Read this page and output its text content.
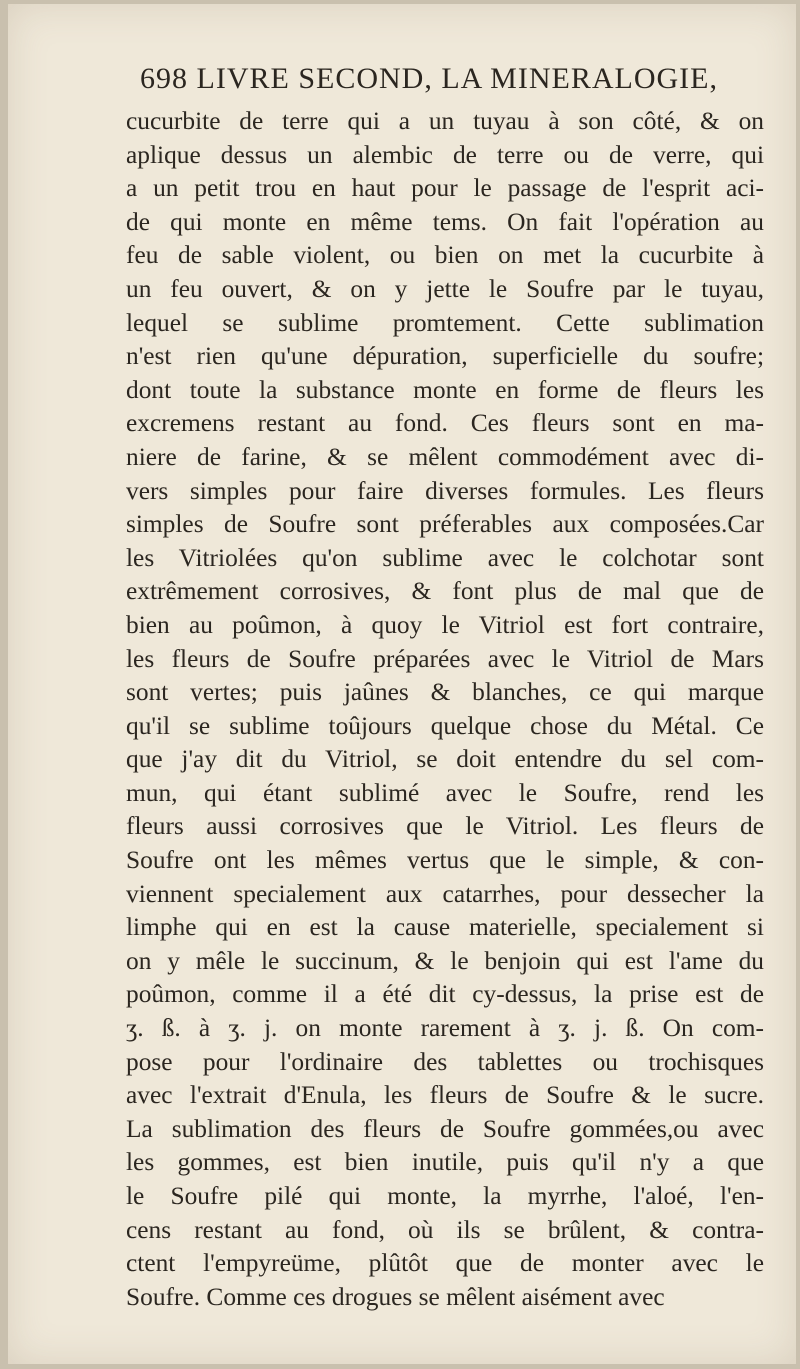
698 LIVRE SECOND, LA MINERALOGIE,
cucurbite de terre qui a un tuyau à son côté, & on
aplique dessus un alembic de terre ou de verre, qui
a un petit trou en haut pour le passage de l'esprit aci-
de qui monte en même tems. On fait l'opération au
feu de sable violent, ou bien on met la cucurbite à
un feu ouvert, & on y jette le Soufre par le tuyau,
lequel se sublime promtement. Cette sublimation
n'est rien qu'une dépuration, superficielle du soufre;
dont toute la substance monte en forme de fleurs les
excremens restant au fond. Ces fleurs sont en ma-
niere de farine, & se mêlent commodément avec di-
vers simples pour faire diverses formules. Les fleurs
simples de Soufre sont préferables aux composées.Car
les Vitriolées qu'on sublime avec le colchotar sont
extrêmement corrosives, & font plus de mal que de
bien au poûmon, à quoy le Vitriol est fort contraire,
les fleurs de Soufre préparées avec le Vitriol de Mars
sont vertes; puis jaûnes & blanches, ce qui marque
qu'il se sublime toûjours quelque chose du Métal. Ce
que j'ay dit du Vitriol, se doit entendre du sel com-
mun, qui étant sublimé avec le Soufre, rend les
fleurs aussi corrosives que le Vitriol. Les fleurs de
Soufre ont les mêmes vertus que le simple, & con-
viennent specialement aux catarrhes, pour dessecher la
limphe qui en est la cause materielle, specialement si
on y mêle le succinum, & le benjoin qui est l'ame du
poûmon, comme il a été dit cy-dessus, la prise est de
ʒ. ß. à ʒ. j. on monte rarement à ʒ. j. ß. On com-
pose pour l'ordinaire des tablettes ou trochisques
avec l'extrait d'Enula, les fleurs de Soufre & le sucre.
La sublimation des fleurs de Soufre gommées,ou avec
les gommes, est bien inutile, puis qu'il n'y a que
le Soufre pilé qui monte, la myrrhe, l'aloé, l'en-
cens restant au fond, où ils se brûlent, & contra-
ctent l'empyreüme, plûtôt que de monter avec le
Soufre. Comme ces drogues se mêlent aisément avec
